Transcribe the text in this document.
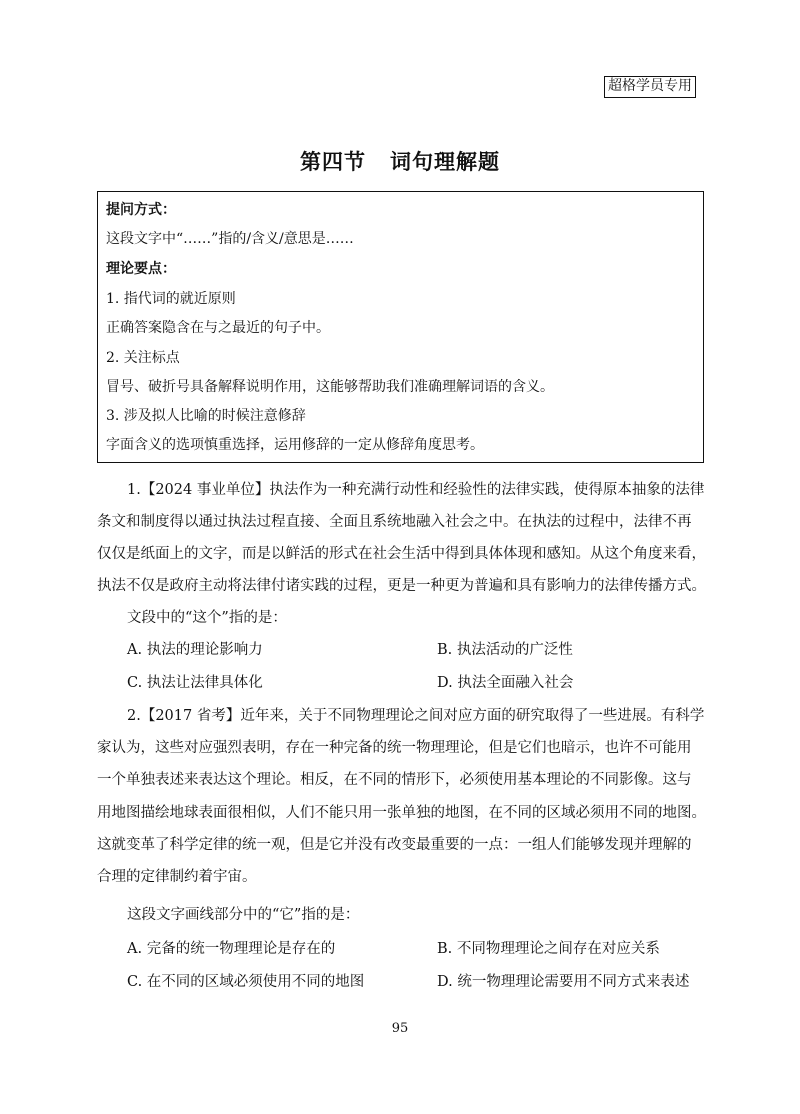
超格学员专用
第四节 词句理解题
提问方式：
这段文字中“……”指的/含义/意思是……
理论要点：
1. 指代词的就近原则
正确答案隐含在与之最近的句子中。
2. 关注标点
冒号、破折号具备解释说明作用，这能够帮助我们准确理解词语的含义。
3. 涉及拟人比喻的时候注意修辞
字面含义的选项慎重选择，运用修辞的一定从修辞角度思考。
1.【2024 事业单位】执法作为一种充满行动性和经验性的法律实践，使得原本抽象的法律
条文和制度得以通过执法过程直接、全面且系统地融入社会之中。在执法的过程中，法律不再
仅仅是纸面上的文字，而是以鲜活的形式在社会生活中得到具体体现和感知。从这个角度来看，
执法不仅是政府主动将法律付诸实践的过程，更是一种更为普遍和具有影响力的法律传播方式。
文段中的“这个”指的是：
A. 执法的理论影响力	B. 执法活动的广泛性
C. 执法让法律具体化	D. 执法全面融入社会
2.【2017 省考】近年来，关于不同物理理论之间对应方面的研究取得了一些进展。有科学
家认为，这些对应强烈表明，存在一种完备的统一物理理论，但是它们也暗示，也许不可能用
一个单独表述来表达这个理论。相反，在不同的情形下，必须使用基本理论的不同影像。这与
用地图描绘地球表面很相似，人们不能只用一张单独的地图，在不同的区域必须用不同的地图。
这就变革了科学定律的统一观，但是它并没有改变最重要的一点：一组人们能够发现并理解的
合理的定律制约着宇宙。
这段文字画线部分中的“它”指的是：
A. 完备的统一物理理论是存在的	B. 不同物理理论之间存在对应关系
C. 在不同的区域必须使用不同的地图	D. 统一物理理论需要用不同方式来表述
95
